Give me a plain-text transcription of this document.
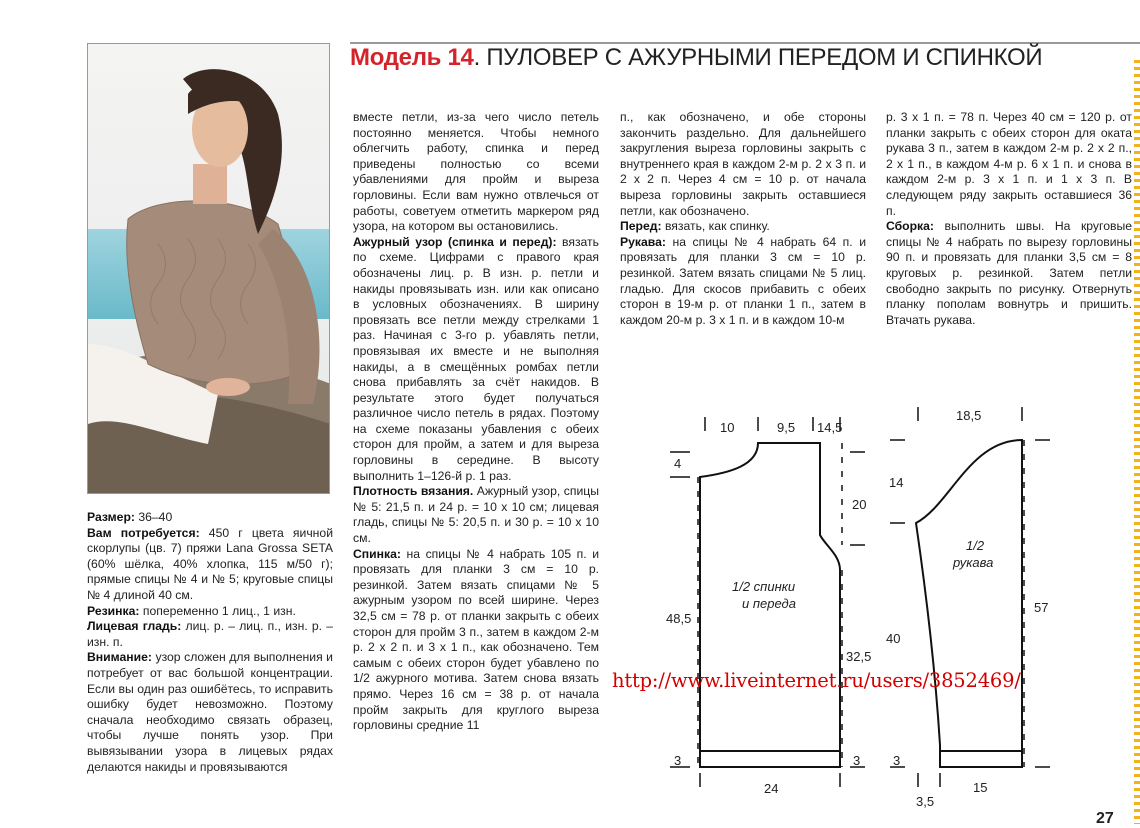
Модель 14. ПУЛОВЕР С АЖУРНЫМИ ПЕРЕДОМ И СПИНКОЙ

Размер: 36–40

Вам потребуется: 450 г цвета яичной скорлупы (цв. 7) пряжи Lana Grossa SETA (60% шёлка, 40% хлопка, 115 м/50 г); прямые спицы № 4 и № 5; круговые спицы № 4 длиной 40 см.

Резинка: попеременно 1 лиц., 1 изн.

Лицевая гладь: лиц. р. – лиц. п., изн. р. – изн. п.

Внимание: узор сложен для выполнения и потребует от вас большой концентрации. Если вы один раз ошибётесь, то исправить ошибку будет невозможно. Поэтому сначала необходимо связать образец, чтобы лучше понять узор. При вывязывании узора в лицевых рядах делаются накиды и провязываются

вместе петли, из-за чего число петель постоянно меняется. Чтобы немного облегчить работу, спинка и перед приведены полностью со всеми убавлениями для пройм и выреза горловины. Если вам нужно отвлечься от работы, советуем отметить маркером ряд узора, на котором вы остановились.

Ажурный узор (спинка и перед): вязать по схеме. Цифрами с правого края обозначены лиц. р. В изн. р. петли и накиды провязывать изн. или как описано в условных обозначениях. В ширину провязать все петли между стрелками 1 раз. Начиная с 3-го р. убавлять петли, провязывая их вместе и не выполняя накиды, а в смещённых ромбах петли снова прибавлять за счёт накидов. В результате этого будет получаться различное число петель в рядах. Поэтому на схеме показаны убавления с обеих сторон для пройм, а затем и для выреза горловины в середине. В высоту выполнить 1–126-й р. 1 раз.

Плотность вязания. Ажурный узор, спицы № 5: 21,5 п. и 24 р. = 10 х 10 см; лицевая гладь, спицы № 5: 20,5 п. и 30 р. = 10 х 10 см.

Спинка: на спицы № 4 набрать 105 п. и провязать для планки 3 см = 10 р. резинкой. Затем вязать спицами № 5 ажурным узором по всей ширине. Через 32,5 см = 78 р. от планки закрыть с обеих сторон для пройм 3 п., затем в каждом 2-м р. 2 х 2 п. и 3 х 1 п., как обозначено. Тем самым с обеих сторон будет убавлено по 1/2 ажурного мотива. Затем снова вязать прямо. Через 16 см = 38 р. от начала пройм закрыть для круглого выреза горловины средние 11

п., как обозначено, и обе стороны закончить раздельно. Для дальнейшего закругления выреза горловины закрыть с внутреннего края в каждом 2-м р. 2 х 3 п. и 2 х 2 п. Через 4 см = 10 р. от начала выреза горловины закрыть оставшиеся петли, как обозначено.

Перед: вязать, как спинку.

Рукава: на спицы № 4 набрать 64 п. и провязать для планки 3 см = 10 р. резинкой. Затем вязать спицами № 5 лиц. гладью. Для скосов прибавить с обеих сторон в 19-м р. от планки 1 п., затем в каждом 20-м р. 3 х 1 п. и в каждом 10-м

р. 3 х 1 п. = 78 п. Через 40 см = 120 р. от планки закрыть с обеих сторон для оката рукава 3 п., затем в каждом 2-м р. 2 х 2 п., 2 х 1 п., в каждом 4-м р. 6 х 1 п. и снова в каждом 2-м р. 3 х 1 п. и 1 х 3 п. В следующем ряду закрыть оставшиеся 36 п.

Сборка: выполнить швы. На круговые спицы № 4 набрать по вырезу горловины 90 п. и провязать для планки 3,5 см = 8 круговых р. резинкой. Затем петли свободно закрыть по рисунку. Отвернуть планку пополам вовнутрь и пришить. Втачать рукава.

10	9,5 14,5
4
20
48,5
32,5
3	3
24
1/2 спинки
и переда
18,5
14
40
57
3
3,5
15
1/2
рукава
http://www.liveinternet.ru/users/3852469/
27
